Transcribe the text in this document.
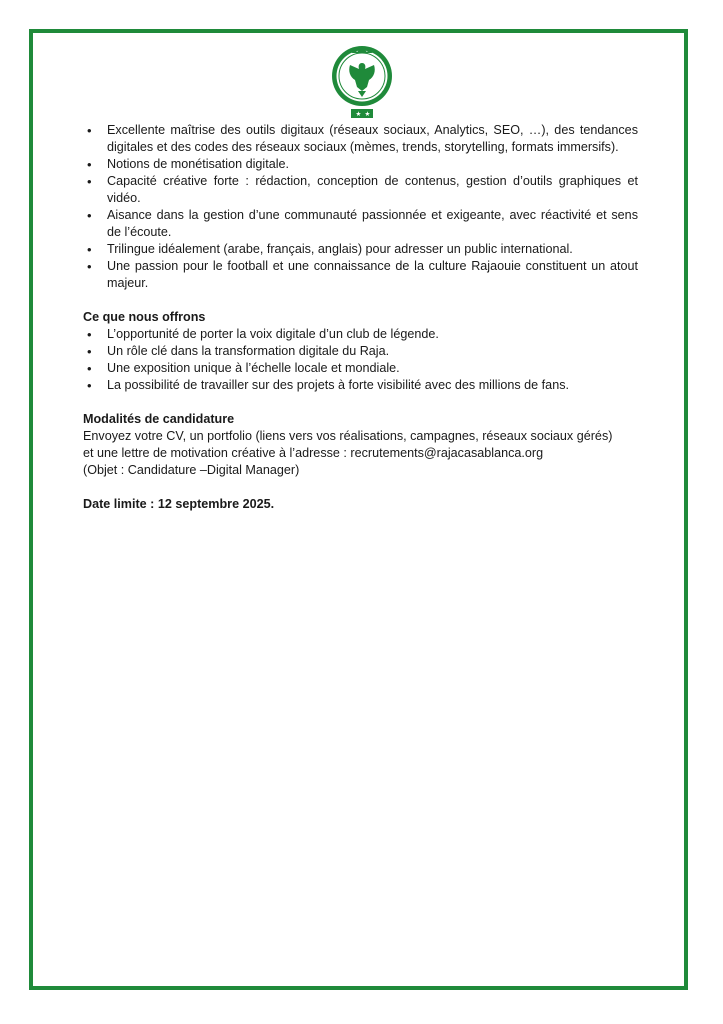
★ ★
• Excellente maîtrise des outils digitaux (réseaux sociaux, Analytics, SEO, …), des tendances digitales et des codes des réseaux sociaux (mèmes, trends, storytelling, formats immersifs).
• Notions de monétisation digitale.
• Capacité créative forte : rédaction, conception de contenus, gestion d’outils graphiques et vidéo.
• Aisance dans la gestion d’une communauté passionnée et exigeante, avec réactivité et sens de l’écoute.
• Trilingue idéalement (arabe, français, anglais) pour adresser un public international.
• Une passion pour le football et une connaissance de la culture Rajaouie constituent un atout majeur.

Ce que nous offrons

• L’opportunité de porter la voix digitale d’un club de légende.
• Un rôle clé dans la transformation digitale du Raja.
• Une exposition unique à l’échelle locale et mondiale.
• La possibilité de travailler sur des projets à forte visibilité avec des millions de fans.

Modalités de candidature

Envoyez votre CV, un portfolio (liens vers vos réalisations, campagnes, réseaux sociaux gérés)

et une lettre de motivation créative à l’adresse : recrutements@rajacasablanca.org

(Objet : Candidature –Digital Manager)

Date limite : 12 septembre 2025.
